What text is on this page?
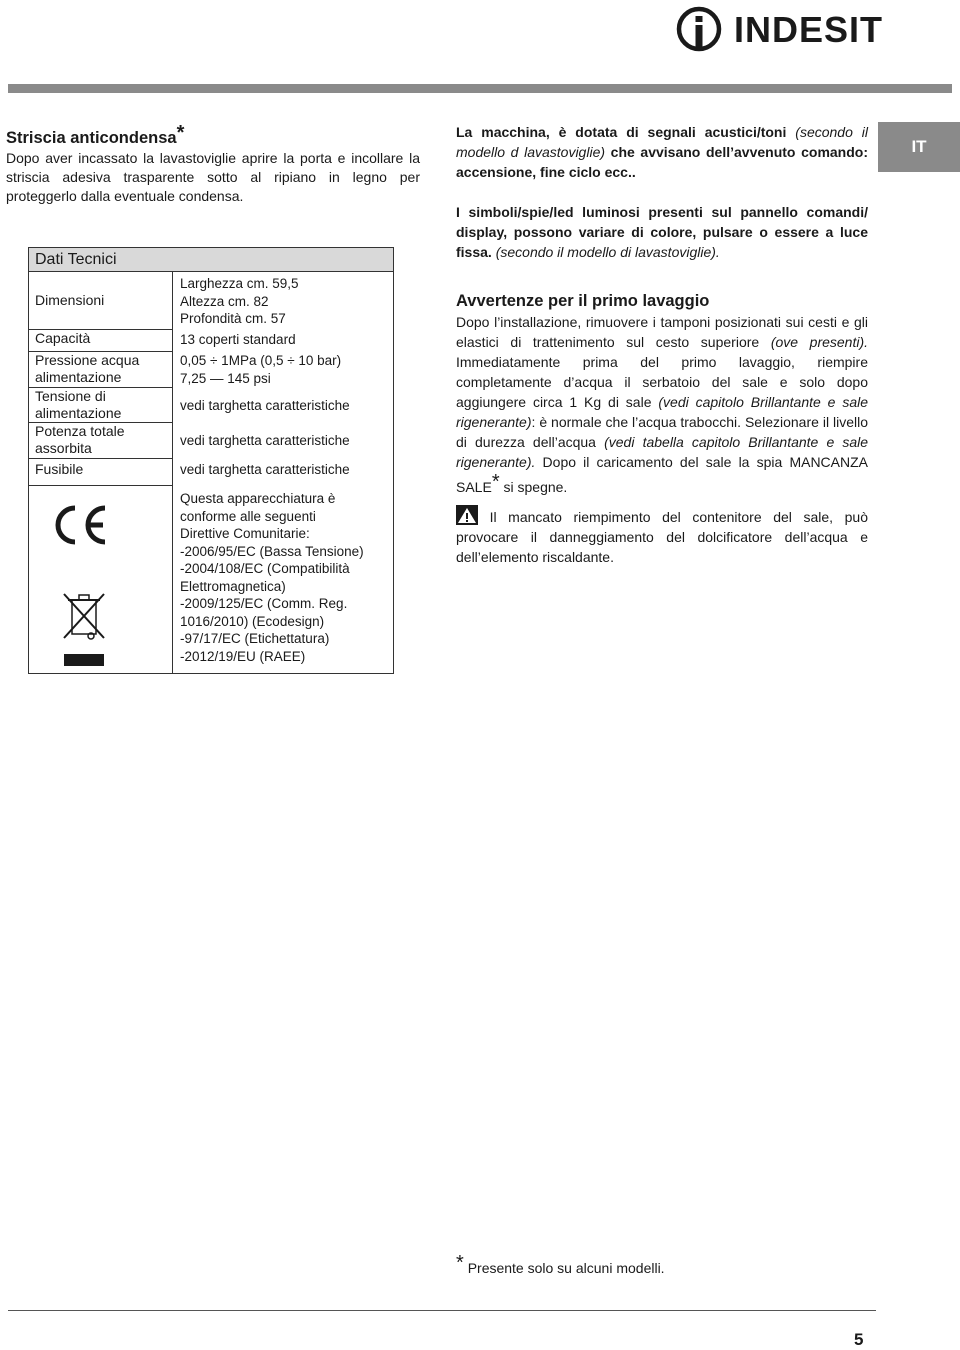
INDESIT
IT
Striscia anticondensa*
Dopo aver incassato la lavastoviglie aprire la porta e incollare la striscia adesiva trasparente sotto al ripiano in legno per proteggerlo dalla eventuale condensa.
Dati Tecnici
Dimensioni
Capacità
Pressione acqua
alimentazione
Tensione di
alimentazione
Potenza totale
assorbita
Fusibile
Larghezza cm. 59,5
Altezza cm. 82
Profondità cm. 57
13 coperti standard
0,05 ÷ 1MPa (0,5 ÷ 10 bar)
7,25 — 145 psi
vedi targhetta caratteristiche
vedi targhetta caratteristiche
vedi targhetta caratteristiche
Questa apparecchiatura è
conforme alle seguenti
Direttive Comunitarie:
-2006/95/EC (Bassa Tensione)
-2004/108/EC (Compatibilità
Elettromagnetica)
-2009/125/EC (Comm. Reg.
1016/2010) (Ecodesign)
-97/17/EC (Etichettatura)
-2012/19/EU (RAEE)

La macchina, è dotata di segnali acustici/toni (secondo il modello d lavastoviglie) che avvisano dell’avvenuto comando: accensione, fine ciclo ecc..

I simboli/spie/led luminosi presenti sul pannello comandi/ display, possono variare di colore, pulsare o essere a luce fissa. (secondo il modello di lavastoviglie).

Avvertenze per il primo lavaggio

Dopo l’installazione, rimuovere i tamponi posizionati sui cesti e gli elastici di trattenimento sul cesto superiore (ove presenti). Immediatamente prima del primo lavaggio, riempire completamente d’acqua il serbatoio del sale e solo dopo aggiungere circa 1 Kg di sale (vedi capitolo Brillantante e sale rigenerante): è normale che l’acqua trabocchi. Selezionare il livello di durezza dell’acqua (vedi tabella capitolo Brillantante e sale rigenerante). Dopo il caricamento del sale la spia MANCANZA SALE* si spegne.

Il mancato riempimento del contenitore del sale, può provocare il danneggiamento del dolcificatore dell’acqua e dell’elemento riscaldante.

* Presente solo su alcuni modelli.
5
